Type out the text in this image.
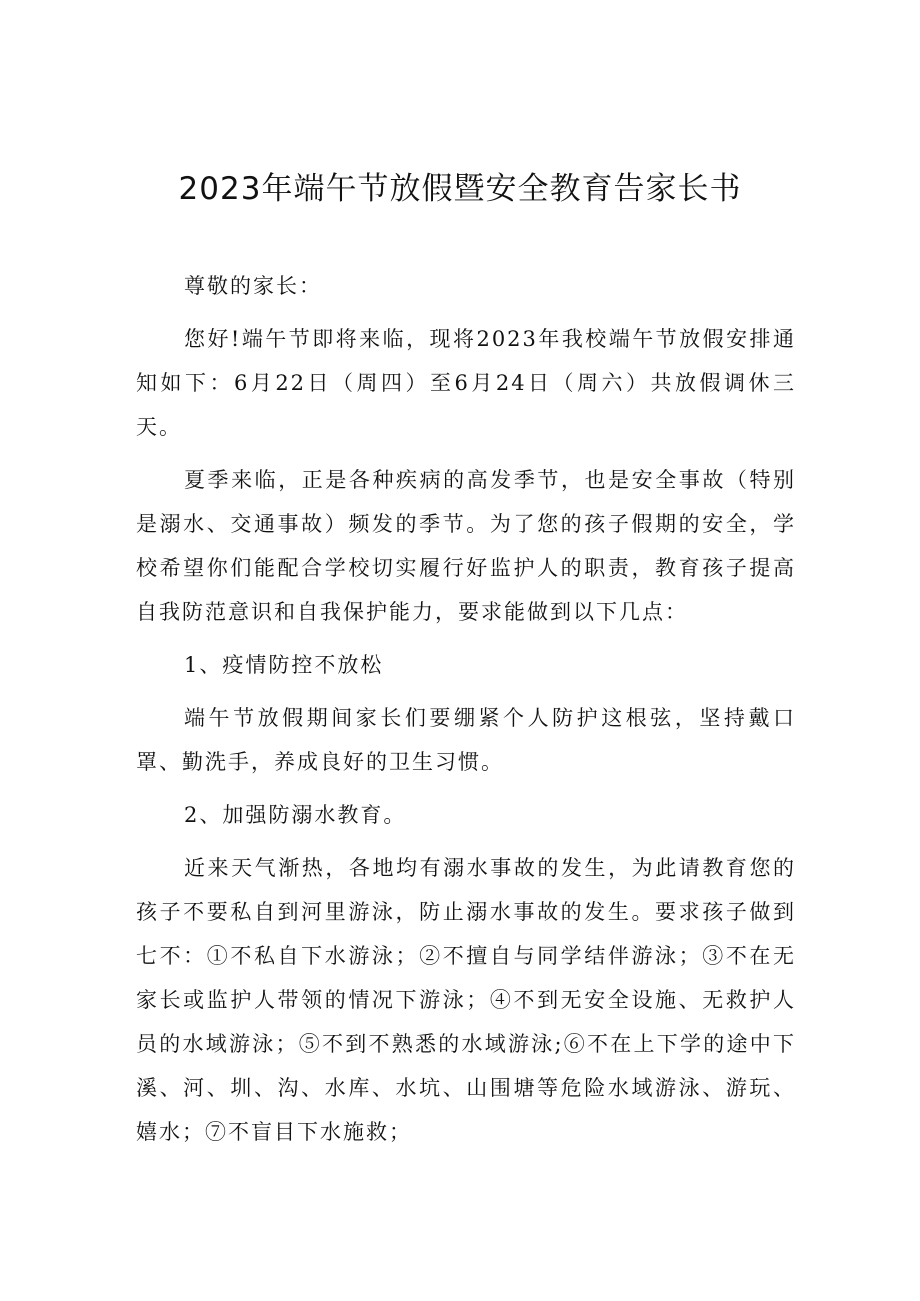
2023年端午节放假暨安全教育告家长书

尊敬的家长：

您好!端午节即将来临，现将2023年我校端午节放假安排通知如下：6月22日（周四）至6月24日（周六）共放假调休三天。

夏季来临，正是各种疾病的高发季节，也是安全事故（特别是溺水、交通事故）频发的季节。为了您的孩子假期的安全，学校希望你们能配合学校切实履行好监护人的职责，教育孩子提高自我防范意识和自我保护能力，要求能做到以下几点：

1、疫情防控不放松

端午节放假期间家长们要绷紧个人防护这根弦，坚持戴口罩、勤洗手，养成良好的卫生习惯。

2、加强防溺水教育。

近来天气渐热，各地均有溺水事故的发生，为此请教育您的孩子不要私自到河里游泳，防止溺水事故的发生。要求孩子做到七不：①不私自下水游泳；②不擅自与同学结伴游泳；③不在无家长或监护人带领的情况下游泳；④不到无安全设施、无救护人员的水域游泳；⑤不到不熟悉的水域游泳;⑥不在上下学的途中下溪、河、圳、沟、水库、水坑、山围塘等危险水域游泳、游玩、嬉水；⑦不盲目下水施救；
